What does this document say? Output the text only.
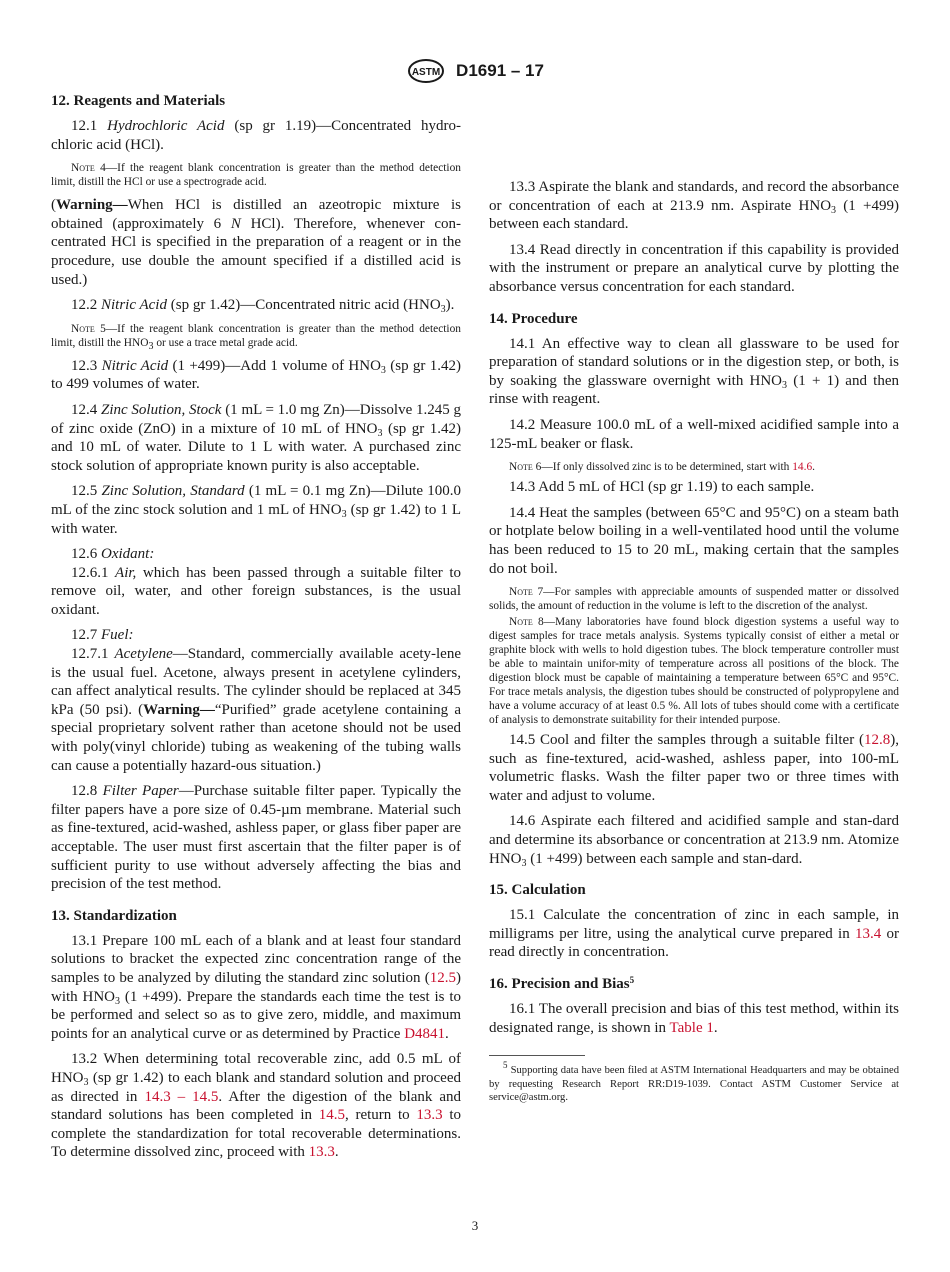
ASTM D1691 – 17
12. Reagents and Materials

12.1 Hydrochloric Acid (sp gr 1.19)—Concentrated hydro-chloric acid (HCl).

Note 4—If the reagent blank concentration is greater than the method detection limit, distill the HCl or use a spectrograde acid.

(Warning—When HCl is distilled an azeotropic mixture is obtained (approximately 6 N HCl). Therefore, whenever con-centrated HCl is specified in the preparation of a reagent or in the procedure, use double the amount specified if a distilled acid is used.)

12.2 Nitric Acid (sp gr 1.42)—Concentrated nitric acid $(HNO_3)$.

Note 5—If the reagent blank concentration is greater than the method detection limit, distill the $HNO_3$ or use a trace metal grade acid.

12.3 Nitric Acid (1 +499)—Add 1 volume of $HNO_3$ (sp gr 1.42) to 499 volumes of water.

12.4 Zinc Solution, Stock (1 mL = 1.0 mg Zn)—Dissolve 1.245 g of zinc oxide (ZnO) in a mixture of 10 mL of $HNO_3$ (sp gr 1.42) and 10 mL of water. Dilute to 1 L with water. A purchased zinc stock solution of appropriate known purity is also acceptable.

12.5 Zinc Solution, Standard (1 mL = 0.1 mg Zn)—Dilute 100.0 mL of the zinc stock solution and 1 mL of $HNO_3$ (sp gr 1.42) to 1 L with water.

12.6 Oxidant:

12.6.1 Air, which has been passed through a suitable filter to remove oil, water, and other foreign substances, is the usual oxidant.

12.7 Fuel:

12.7.1 Acetylene—Standard, commercially available acety-lene is the usual fuel. Acetone, always present in acetylene cylinders, can affect analytical results. The cylinder should be replaced at 345 kPa (50 psi). (Warning—“Purified” grade acetylene containing a special proprietary solvent rather than acetone should not be used with poly(vinyl chloride) tubing as weakening of the tubing walls can cause a potentially hazard-ous situation.)

12.8 Filter Paper—Purchase suitable filter paper. Typically the filter papers have a pore size of 0.45-µm membrane. Material such as fine-textured, acid-washed, ashless paper, or glass fiber paper are acceptable. The user must first ascertain that the filter paper is of sufficient purity to use without adversely affecting the bias and precision of the test method.

13. Standardization

13.1 Prepare 100 mL each of a blank and at least four standard solutions to bracket the expected zinc concentration range of the samples to be analyzed by diluting the standard zinc solution (12.5) with $HNO_3$ (1 +499). Prepare the standards each time the test is to be performed and select so as to give zero, middle, and maximum points for an analytical curve or as determined by Practice D4841.

13.2 When determining total recoverable zinc, add 0.5 mL of $HNO_3$ (sp gr 1.42) to each blank and standard solution and proceed as directed in 14.3 – 14.5. After the digestion of the blank and standard solutions has been completed in 14.5, return to 13.3 to complete the standardization for total recoverable determinations. To determine dissolved zinc, proceed with 13.3.

13.3 Aspirate the blank and standards, and record the absorbance or concentration of each at 213.9 nm. Aspirate $HNO_3$ (1 +499) between each standard.

13.4 Read directly in concentration if this capability is provided with the instrument or prepare an analytical curve by plotting the absorbance versus concentration for each standard.

14. Procedure

14.1 An effective way to clean all glassware to be used for preparation of standard solutions or in the digestion step, or both, is by soaking the glassware overnight with $HNO_3$ (1 + 1) and then rinse with reagent.

14.2 Measure 100.0 mL of a well-mixed acidified sample into a 125-mL beaker or flask.

Note 6—If only dissolved zinc is to be determined, start with 14.6.

14.3 Add 5 mL of HCl (sp gr 1.19) to each sample.

14.4 Heat the samples (between 65°C and 95°C) on a steam bath or hotplate below boiling in a well-ventilated hood until the volume has been reduced to 15 to 20 mL, making certain that the samples do not boil.

Note 7—For samples with appreciable amounts of suspended matter or dissolved solids, the amount of reduction in the volume is left to the discretion of the analyst.

Note 8—Many laboratories have found block digestion systems a useful way to digest samples for trace metals analysis. Systems typically consist of either a metal or graphite block with wells to hold digestion tubes. The block temperature controller must be able to maintain unifor-mity of temperature across all positions of the block. The digestion block must be capable of maintaining a temperature between 65°C and 95°C. For trace metals analysis, the digestion tubes should be constructed of polypropylene and have a volume accuracy of at least 0.5 %. All lots of tubes should come with a certificate of analysis to demonstrate suitability for their intended purpose.

14.5 Cool and filter the samples through a suitable filter (12.8), such as fine-textured, acid-washed, ashless paper, into 100-mL volumetric flasks. Wash the filter paper two or three times with water and adjust to volume.

14.6 Aspirate each filtered and acidified sample and stan-dard and determine its absorbance or concentration at 213.9 nm. Atomize $HNO_3$ (1 +499) between each sample and stan-dard.

15. Calculation

15.1 Calculate the concentration of zinc in each sample, in milligrams per litre, using the analytical curve prepared in 13.4 or read directly in concentration.

16. Precision and Bias$^5$

16.1 The overall precision and bias of this test method, within its designated range, is shown in Table 1.

$^5$ Supporting data have been filed at ASTM International Headquarters and may be obtained by requesting Research Report RR:D19-1039. Contact ASTM Customer Service at service@astm.org.

3
